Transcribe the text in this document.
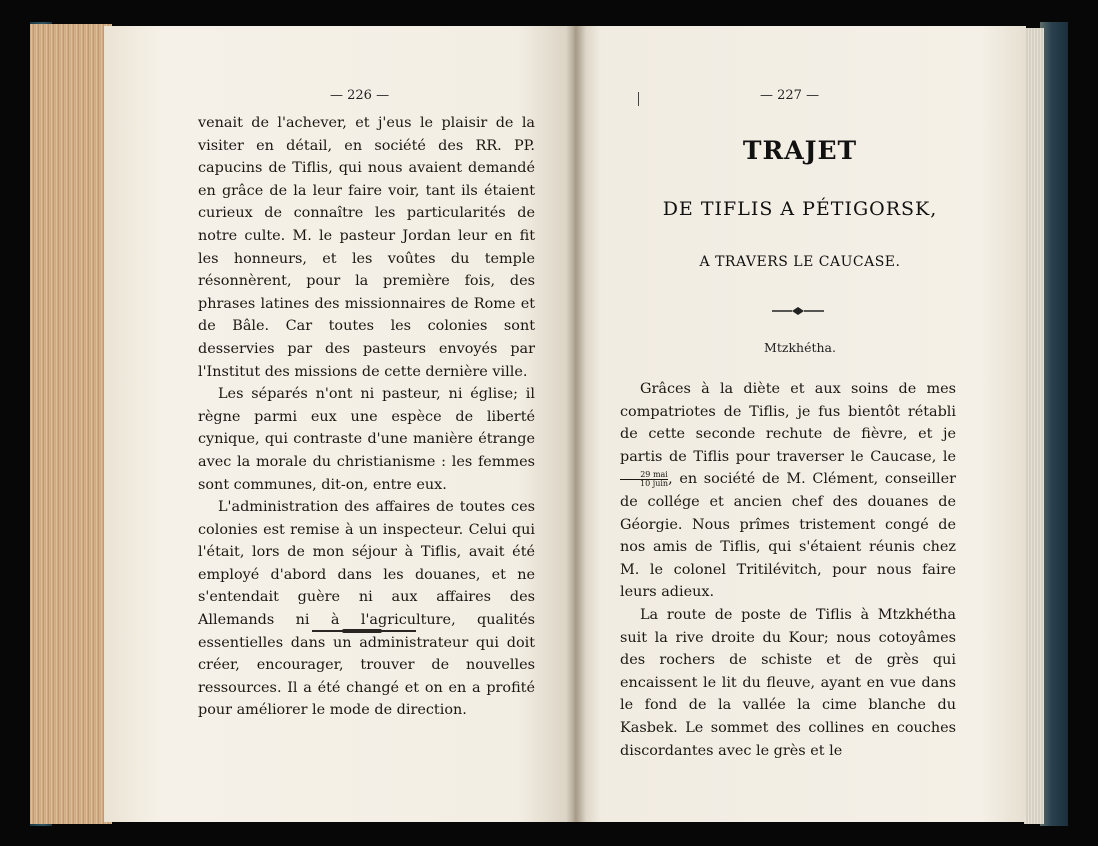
— 226 —

venait de l'achever, et j'eus le plaisir de la visiter en détail, en société des RR. PP. capucins de Tiflis, qui nous avaient demandé en grâce de la leur faire voir, tant ils étaient curieux de connaître les particularités de notre culte. M. le pasteur Jordan leur en fit les honneurs, et les voûtes du temple résonnèrent, pour la première fois, des phrases latines des missionnaires de Rome et de Bâle. Car toutes les colonies sont desservies par des pasteurs envoyés par l'Institut des missions de cette dernière ville.

Les séparés n'ont ni pasteur, ni église; il règne parmi eux une espèce de liberté cynique, qui contraste d'une manière étrange avec la morale du christianisme : les femmes sont communes, dit-on, entre eux.

L'administration des affaires de toutes ces colonies est remise à un inspecteur. Celui qui l'était, lors de mon séjour à Tiflis, avait été employé d'abord dans les douanes, et ne s'entendait guère ni aux affaires des Allemands ni à l'agriculture, qualités essentielles dans un administrateur qui doit créer, encourager, trouver de nouvelles ressources. Il a été changé et on en a profité pour améliorer le mode de direction.

— 227 —
TRAJET
DE TIFLIS A PÉTIGORSK,
A TRAVERS LE CAUCASE.
Mtzkhétha.

Grâces à la diète et aux soins de mes compatriotes de Tiflis, je fus bientôt rétabli de cette seconde rechute de fièvre, et je partis de Tiflis pour traverser le Caucase, le
$\frac{\text{29 mai}}{\text{10 juin}}$ , en société de M. Clément, conseiller de collége et ancien chef des douanes de Géorgie. Nous prîmes tristement congé de nos amis de Tiflis, qui s'étaient réunis chez M. le colonel Tritilévitch, pour nous faire leurs adieux.

La route de poste de Tiflis à Mtzkhétha suit la rive droite du Kour; nous cotoyâmes des rochers de schiste et de grès qui encaissent le lit du fleuve, ayant en vue dans le fond de la vallée la cime blanche du Kasbek. Le sommet des collines en couches discordantes avec le grès et le
